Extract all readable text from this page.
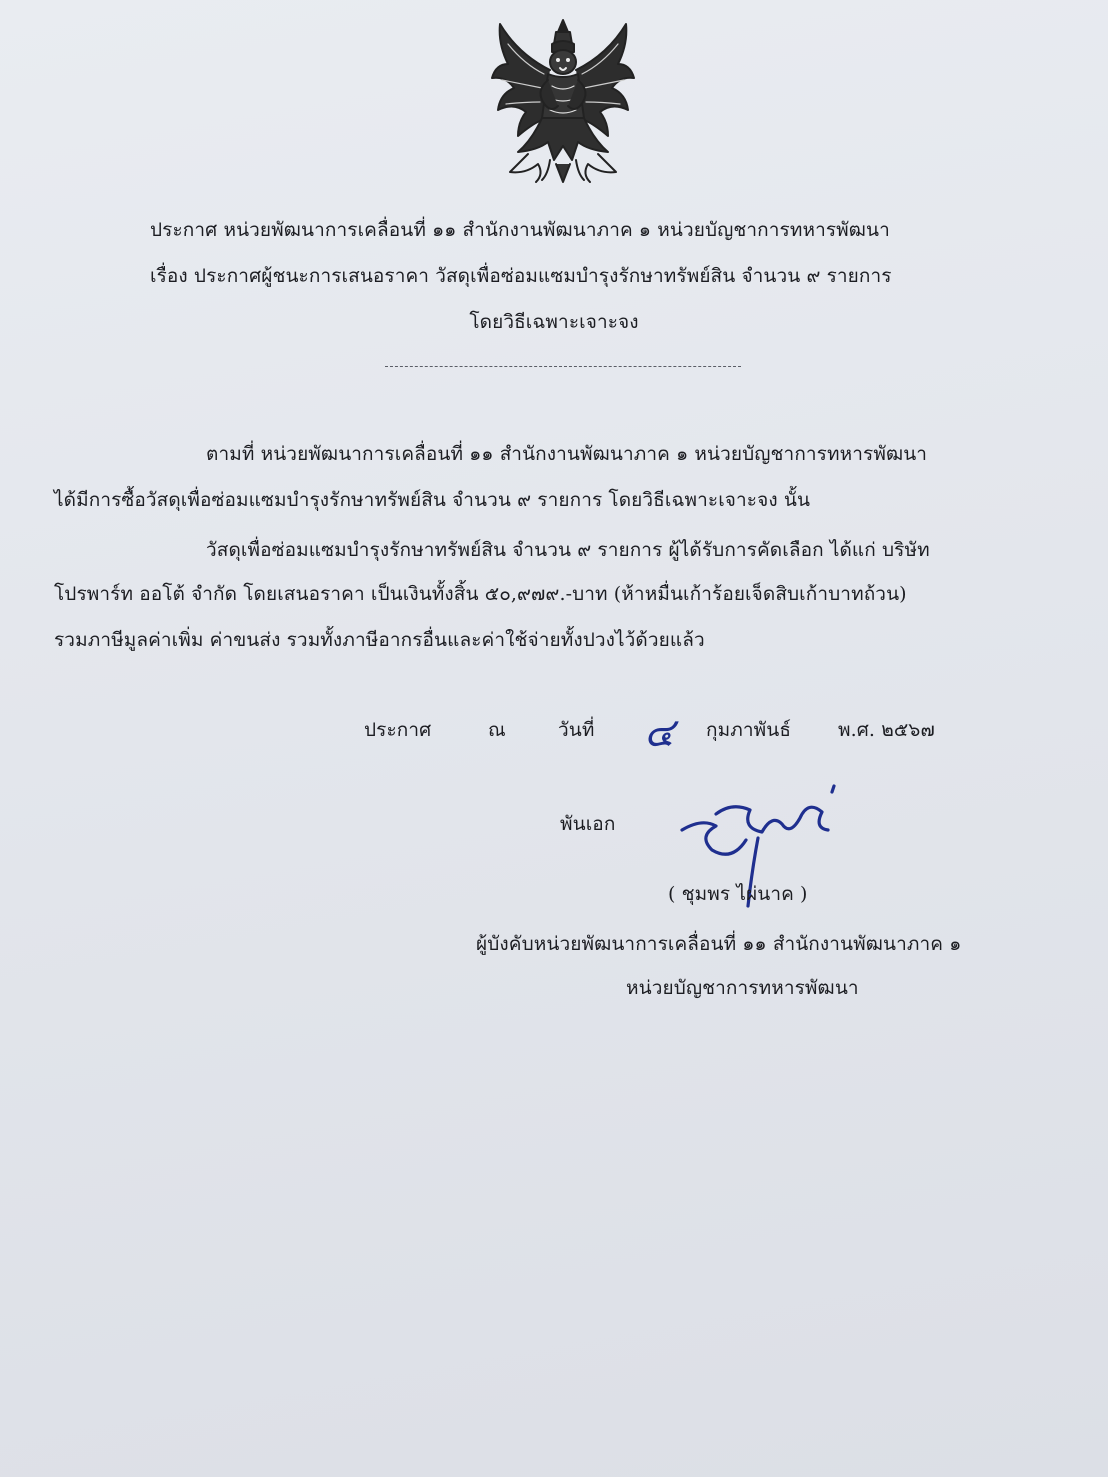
ประกาศ หน่วยพัฒนาการเคลื่อนที่ ๑๑ สำนักงานพัฒนาภาค ๑ หน่วยบัญชาการทหารพัฒนา
เรื่อง ประกาศผู้ชนะการเสนอราคา วัสดุเพื่อซ่อมแซมบำรุงรักษาทรัพย์สิน จำนวน ๙ รายการ
โดยวิธีเฉพาะเจาะจง
ตามที่ หน่วยพัฒนาการเคลื่อนที่ ๑๑ สำนักงานพัฒนาภาค ๑ หน่วยบัญชาการทหารพัฒนา
ได้มีการซื้อวัสดุเพื่อซ่อมแซมบำรุงรักษาทรัพย์สิน จำนวน ๙ รายการ โดยวิธีเฉพาะเจาะจง นั้น
วัสดุเพื่อซ่อมแซมบำรุงรักษาทรัพย์สิน จำนวน ๙ รายการ ผู้ได้รับการคัดเลือก ได้แก่ บริษัท
โปรพาร์ท ออโต้ จำกัด โดยเสนอราคา เป็นเงินทั้งสิ้น ๕๐,๙๗๙.-บาท (ห้าหมื่นเก้าร้อยเจ็ดสิบเก้าบาทถ้วน)
รวมภาษีมูลค่าเพิ่ม ค่าขนส่ง รวมทั้งภาษีอากรอื่นและค่าใช้จ่ายทั้งปวงไว้ด้วยแล้ว
ประกาศ	ณ	วันที่ ๔ กุมภาพันธ์ พ.ศ. ๒๕๖๗
พันเอก
( ชุมพร ไผ่นาค )
ผู้บังคับหน่วยพัฒนาการเคลื่อนที่ ๑๑ สำนักงานพัฒนาภาค ๑
หน่วยบัญชาการทหารพัฒนา
